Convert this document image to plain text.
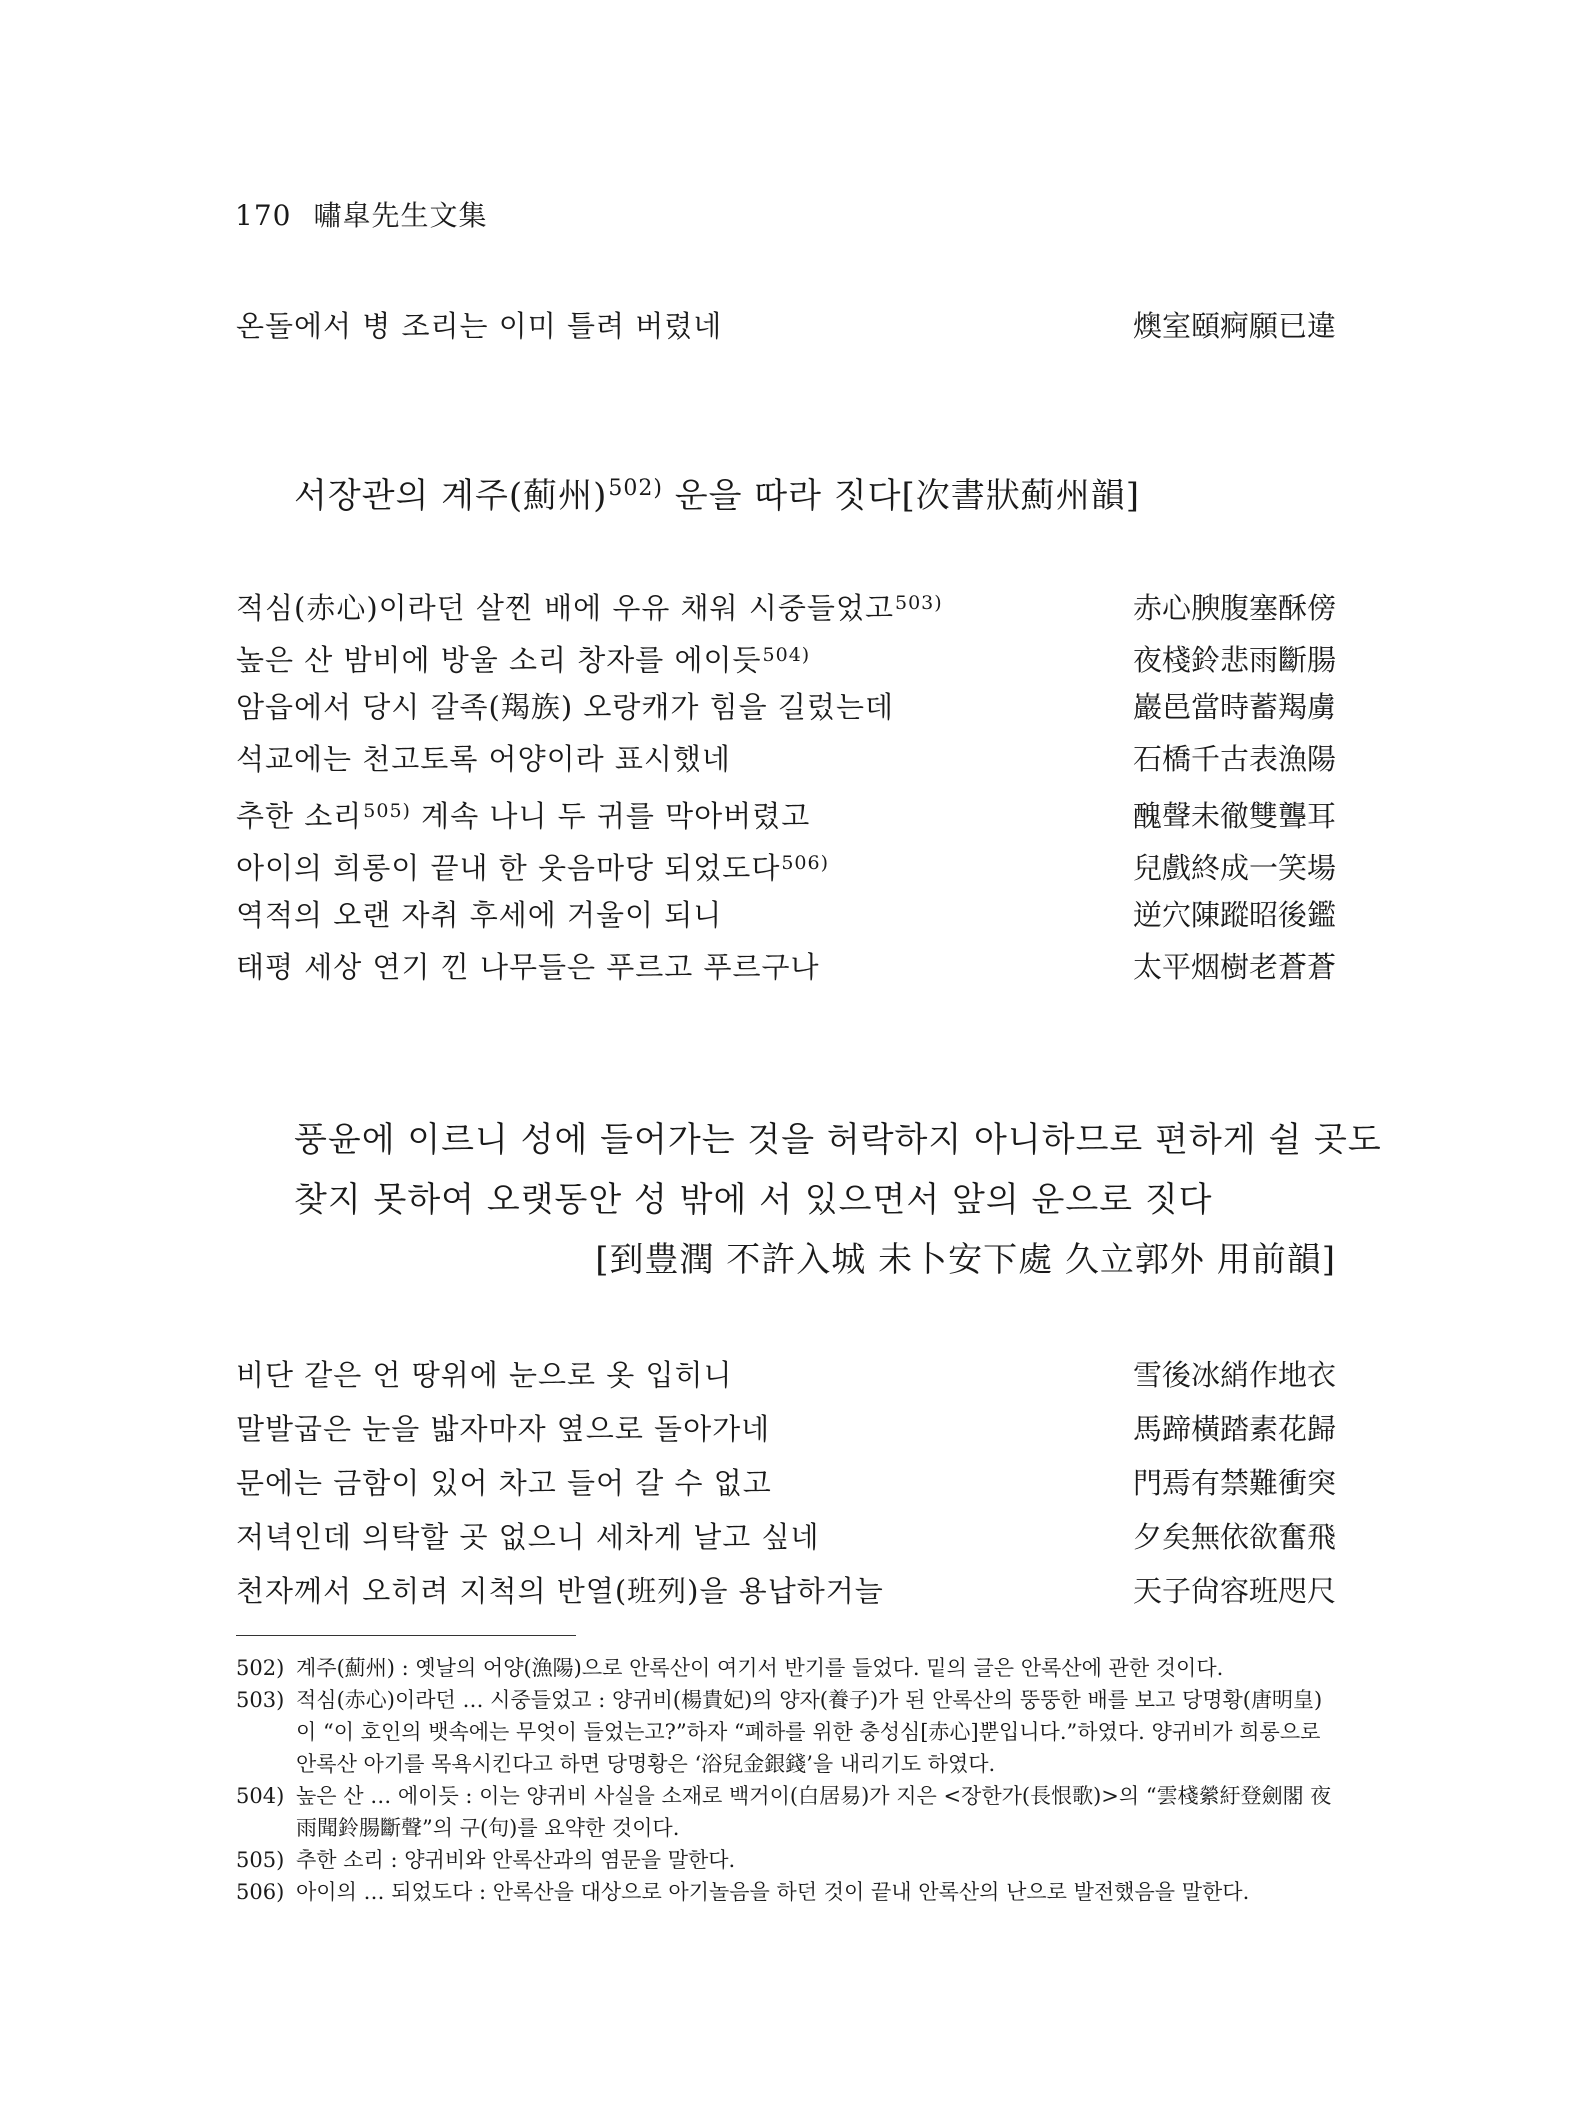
170 嘯皐先生文集
온돌에서 병 조리는 이미 틀려 버렸네	燠室頤痾願已違
서장관의 계주(薊州)$^{502)}$ 운을 따라 짓다[次書狀薊州韻]
적심(赤心)이라던 살찐 배에 우유 채워 시중들었고$^{503)}$	赤心腴腹塞酥傍
높은 산 밤비에 방울 소리 창자를 에이듯$^{504)}$	夜棧鈴悲雨斷腸
암읍에서 당시 갈족(羯族) 오랑캐가 힘을 길렀는데	巖邑當時蓄羯虜
석교에는 천고토록 어양이라 표시했네	石橋千古表漁陽
추한 소리$^{505)}$ 계속 나니 두 귀를 막아버렸고	醜聲未徹雙聾耳
아이의 희롱이 끝내 한 웃음마당 되었도다$^{506)}$	兒戲終成一笑場
역적의 오랜 자취 후세에 거울이 되니	逆穴陳蹤昭後鑑
태평 세상 연기 낀 나무들은 푸르고 푸르구나	太平烟樹老蒼蒼
풍윤에 이르니 성에 들어가는 것을 허락하지 아니하므로 편하게 쉴 곳도
찾지 못하여 오랫동안 성 밖에 서 있으면서 앞의 운으로 짓다
[到豊潤 不許入城 未卜安下處 久立郭外 用前韻]
비단 같은 언 땅위에 눈으로 옷 입히니	雪後冰綃作地衣
말발굽은 눈을 밟자마자 옆으로 돌아가네	馬蹄橫踏素花歸
문에는 금함이 있어 차고 들어 갈 수 없고	門焉有禁難衝突
저녁인데 의탁할 곳 없으니 세차게 날고 싶네	夕矣無依欲奮飛
천자께서 오히려 지척의 반열(班列)을 용납하거늘	天子尙容班咫尺
502) 계주(薊州) : 옛날의 어양(漁陽)으로 안록산이 여기서 반기를 들었다. 밑의 글은 안록산에 관한 것이다.
503) 적심(赤心)이라던 … 시중들었고 : 양귀비(楊貴妃)의 양자(養子)가 된 안록산의 뚱뚱한 배를 보고 당명황(唐明皇)이 “이 호인의 뱃속에는 무엇이 들었는고?”하자 “폐하를 위한 충성심[赤心]뿐입니다.”하였다. 양귀비가 희롱으로 안록산 아기를 목욕시킨다고 하면 당명황은 ‘浴兒金銀錢’을 내리기도 하였다.
504) 높은 산 … 에이듯 : 이는 양귀비 사실을 소재로 백거이(白居易)가 지은 <장한가(長恨歌)>의 “雲棧縈紆登劍閣 夜雨聞鈴腸斷聲”의 구(句)를 요약한 것이다.
505) 추한 소리 : 양귀비와 안록산과의 염문을 말한다.
506) 아이의 … 되었도다 : 안록산을 대상으로 아기놀음을 하던 것이 끝내 안록산의 난으로 발전했음을 말한다.
